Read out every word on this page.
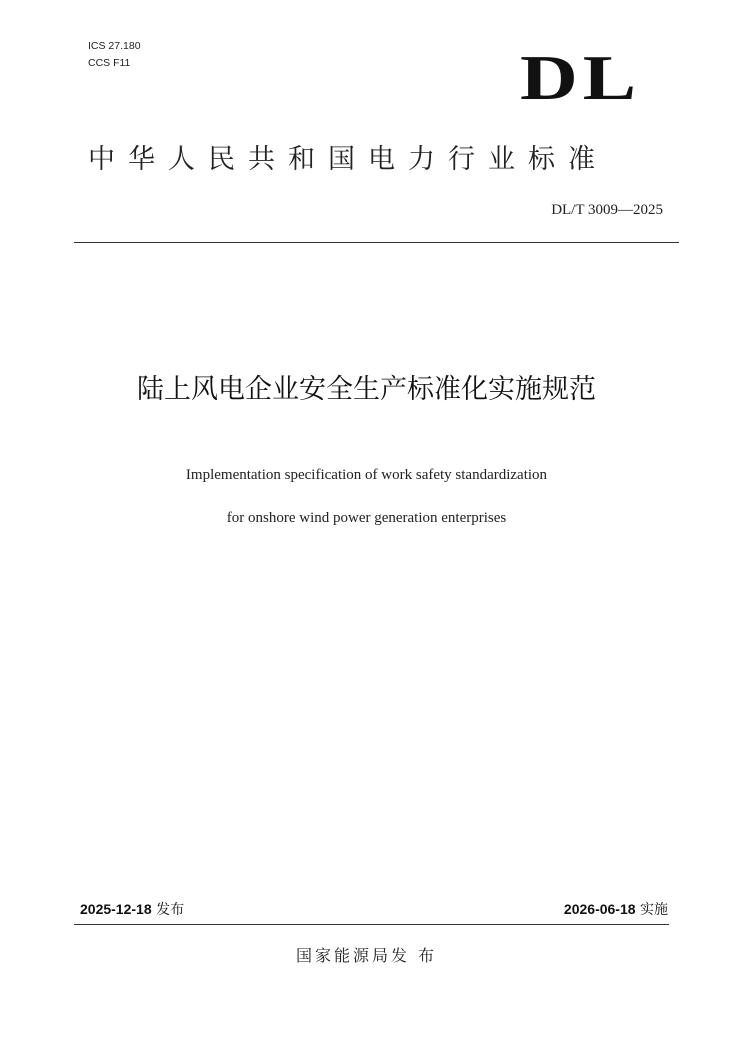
ICS 27.180
CCS F11	DL
中华人民共和国电力行业标准
DL/T 3009—2025
陆上风电企业安全生产标准化实施规范
Implementation specification of work safety standardization
for onshore wind power generation enterprises
2025-12-18 发布	2026-06-18 实施
国家能源局发 布
